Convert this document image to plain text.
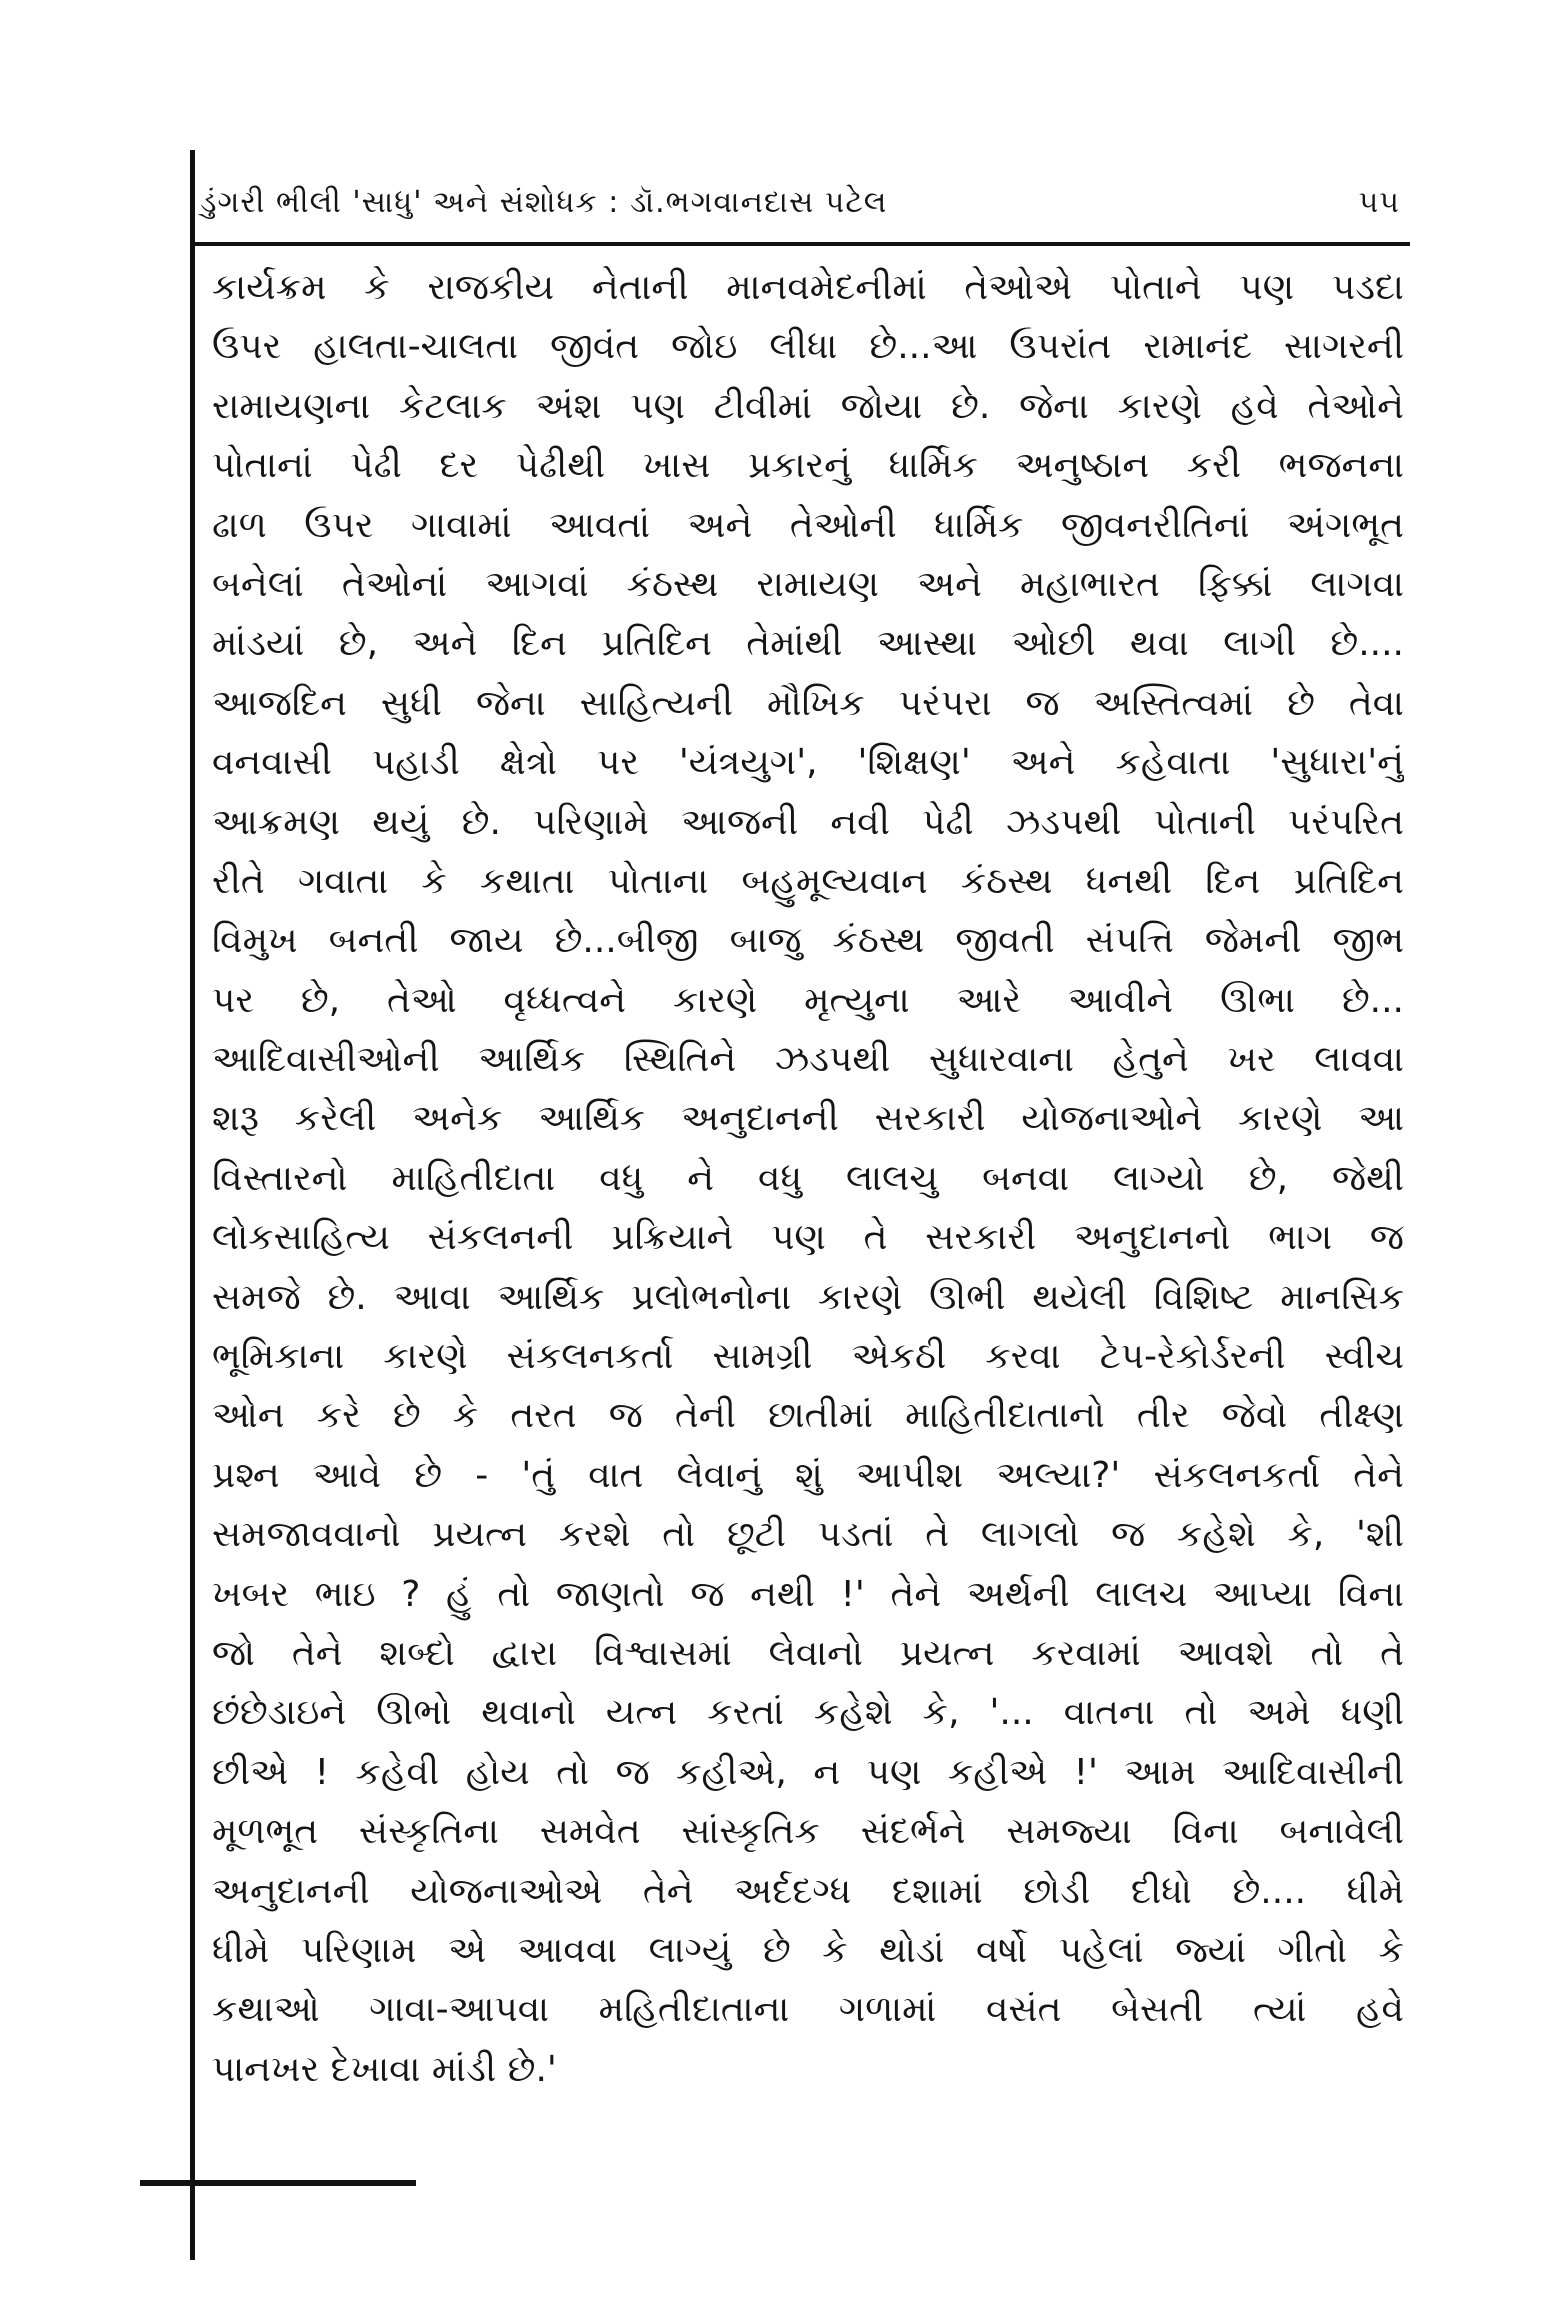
ડુંગરી ભીલી 'સાધુ' અને સંશોધક : ડૉ.ભગવાનદાસ પટેલ	૫૫
કાર્યક્રમ કે રાજકીય નેતાની માનવમેદનીમાં તેઓએ પોતાને પણ પડદા
ઉપર હાલતા-ચાલતા જીવંત જોઇ લીધા છે...આ ઉપરાંત રામાનંદ સાગરની
રામાયણના કેટલાક અંશ પણ ટીવીમાં જોયા છે. જેના કારણે હવે તેઓને
પોતાનાં પેઢી દર પેઢીથી ખાસ પ્રકારનું ધાર્મિક અનુષ્ઠાન કરી ભજનના
ઢાળ ઉપર ગાવામાં આવતાં અને તેઓની ધાર્મિક જીવનરીતિનાં અંગભૂત
બનેલાં તેઓનાં આગવાં કંઠસ્થ રામાયણ અને મહાભારત ફિક્કાં લાગવા
માંડયાં છે, અને દિન પ્રતિદિન તેમાંથી આસ્થા ઓછી થવા લાગી છે....
આજદિન સુધી જેના સાહિત્યની મૌખિક પરંપરા જ અસ્તિત્વમાં છે તેવા
વનવાસી પહાડી ક્ષેત્રો પર 'યંત્રયુગ', 'શિક્ષણ' અને કહેવાતા 'સુધારા'નું
આક્રમણ થયું છે. પરિણામે આજની નવી પેઢી ઝડપથી પોતાની પરંપરિત
રીતે ગવાતા કે કથાતા પોતાના બહુમૂલ્યવાન કંઠસ્થ ધનથી દિન પ્રતિદિન
વિમુખ બનતી જાય છે...બીજી બાજુ કંઠસ્થ જીવતી સંપત્તિ જેમની જીભ
પર છે, તેઓ વૃધ્ધત્વને કારણે મૃત્યુના આરે આવીને ઊભા છે...
આદિવાસીઓની આર્થિક સ્થિતિને ઝડપથી સુધારવાના હેતુને ખર લાવવા
શરૂ કરેલી અનેક આર્થિક અનુદાનની સરકારી યોજનાઓને કારણે આ
વિસ્તારનો માહિતીદાતા વધુ ને વધુ લાલચુ બનવા લાગ્યો છે, જેથી
લોકસાહિત્ય સંકલનની પ્રક્રિયાને પણ તે સરકારી અનુદાનનો ભાગ જ
સમજે છે. આવા આર્થિક પ્રલોભનોના કારણે ઊભી થયેલી વિશિષ્ટ માનસિક
ભૂમિકાના કારણે સંકલનકર્તા સામગ્રી એકઠી કરવા ટેપ-રેકોર્ડરની સ્વીચ
ઓન કરે છે કે તરત જ તેની છાતીમાં માહિતીદાતાનો તીર જેવો તીક્ષ્ણ
પ્રશ્ન આવે છે - 'તું વાત લેવાનું શું આપીશ અલ્યા?' સંકલનકર્તા તેને
સમજાવવાનો પ્રયત્ન કરશે તો છૂટી પડતાં તે લાગલો જ કહેશે કે, 'શી
ખબર ભાઇ ? હું તો જાણતો જ નથી !' તેને અર્થની લાલચ આપ્યા વિના
જો તેને શબ્દો દ્વારા વિશ્વાસમાં લેવાનો પ્રયત્ન કરવામાં આવશે તો તે
છંછેડાઇને ઊભો થવાનો યત્ન કરતાં કહેશે કે, '... વાતના તો અમે ધણી
છીએ ! કહેવી હોય તો જ કહીએ, ન પણ કહીએ !' આમ આદિવાસીની
મૂળભૂત સંસ્કૃતિના સમવેત સાંસ્કૃતિક સંદર્ભને સમજ્યા વિના બનાવેલી
અનુદાનની યોજનાઓએ તેને અર્દદગ્ધ દશામાં છોડી દીધો છે.... ધીમે
ધીમે પરિણામ એ આવવા લાગ્યું છે કે થોડાં વર્ષો પહેલાં જ્યાં ગીતો કે
કથાઓ ગાવા-આપવા મહિતીદાતાના ગળામાં વસંત બેસતી ત્યાં હવે
પાનખર દેખાવા માંડી છે.'
